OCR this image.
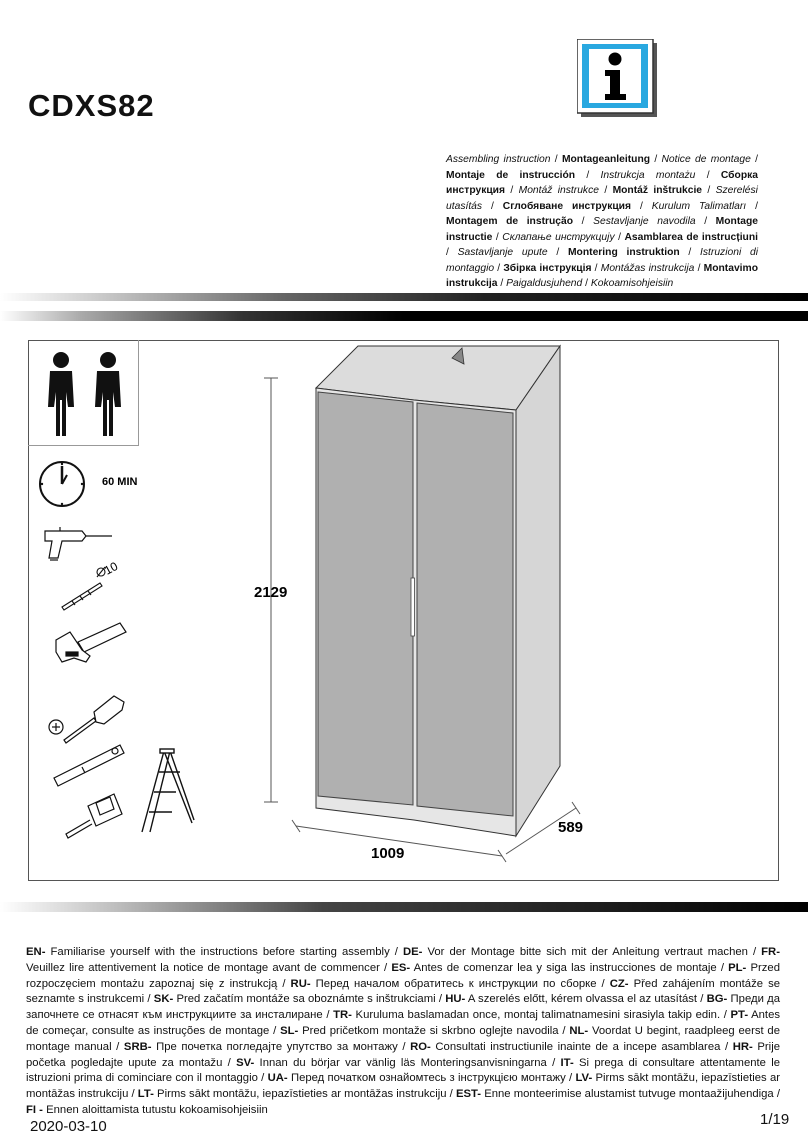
CDXS82
Assembling instruction / Montageanleitung / Notice de montage / Montaje de instrucción / Instrukcja montażu / Сборка инструкция / Montáž instrukce / Montáž inštrukcie / Szerelési utasítás / Сглобяване инструкция / Kurulum Talimatları / Montagem de instrução / Sestavljanje navodila / Montage instructie / Склапање инструкцију / Asamblarea de instrucțiuni / Sastavljanje upute / Montering instruktion / Istruzioni di montaggio / Збірка інструкція / Montážas instrukcija / Montavimo instrukcija / Paigaldusjuhend / Kokoamisohjeisiin
60 MIN
10
2129
1009
589
EN- Familiarise yourself with the instructions before starting assembly / DE- Vor der Montage bitte sich mit der Anleitung vertraut machen / FR- Veuillez lire attentivement la notice de montage avant de commencer / ES- Antes de comenzar lea y siga las instrucciones de montaje / PL- Przed rozpoczęciem montażu zapoznaj się z instrukcją / RU- Перед началом обратитесь к инструкции по сборке / CZ- Před zahájením montáže se seznamte s instrukcemi / SK- Pred začatím montáže sa oboznámte s inštrukciami / HU- A szerelés előtt, kérem olvassa el az utasítást / BG- Преди да започнете се отнасят към инструкциите за инсталиране / TR- Kuruluma baslamadan once, montaj talimatnamesini sirasiyla takip edin. / PT- Antes de começar, consulte as instruções de montage / SL- Pred pričetkom montaže si skrbno oglejte navodila / NL- Voordat U begint, raadpleeg eerst de montage manual / SRB- Пре почетка погледајте упутство за монтажу / RO- Consultati instructiunile inainte de a incepe asamblarea / HR- Prije početka pogledajte upute za montažu / SV- Innan du börjar var vänlig läs Monteringsanvisningarna / IT- Si prega di consultare attentamente le istruzioni prima di cominciare con il montaggio / UA- Перед початком ознайомтесь з інструкцією монтажу / LV- Pirms sākt montāžu, iepazīstieties ar montāžas instrukciju / LT- Pirms sākt montāžu, iepazīstieties ar montāžas instrukciju / EST- Enne monteerimise alustamist tutvuge montaažijuhendiga / FI - Ennen aloittamista tutustu kokoamisohjeisiin
2020-03-10	1/19
